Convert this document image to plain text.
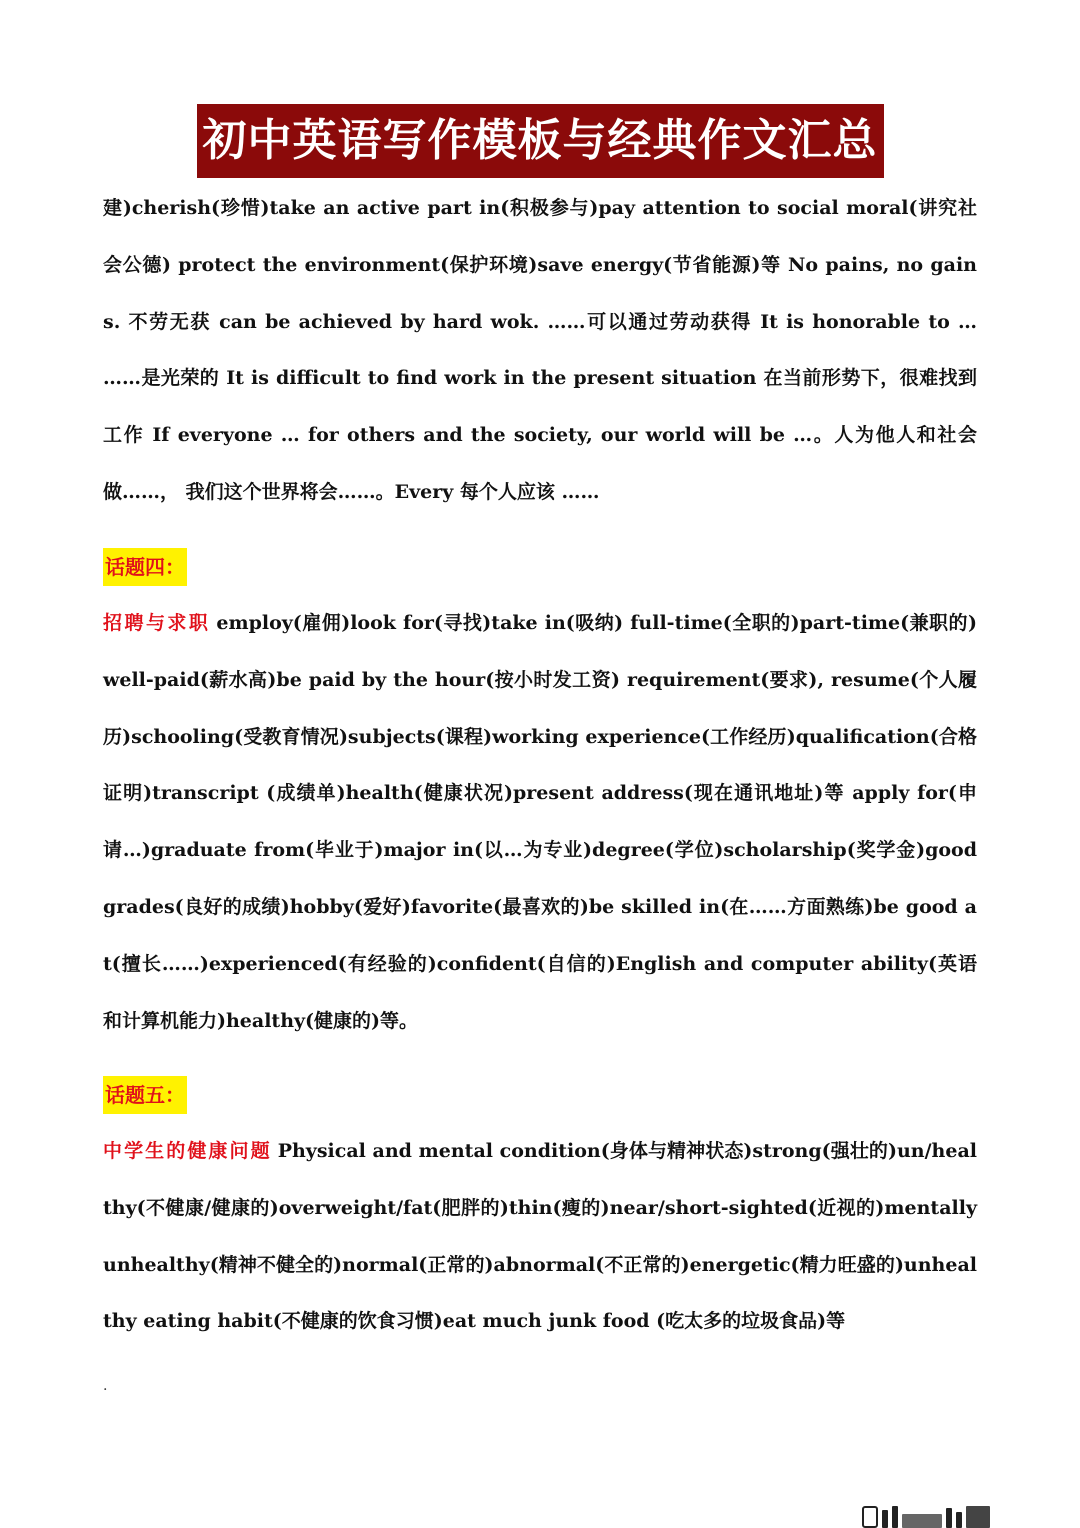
初中英语写作模板与经典作文汇总

建)cherish(珍惜)take an active part in(积极参与)pay attention to social moral(讲究社会公德) protect the environment(保护环境)save energy(节省能源)等 No pains, no gains. 不劳无获 can be achieved by hard wok. ……可以通过劳动获得 It is honorable to … ……是光荣的 It is difficult to find work in the present situation 在当前形势下，很难找到工作 If everyone … for others and the society, our world will be …。人为他人和社会做……， 我们这个世界将会……。Every 每个人应该 ……

话题四：

招聘与求职 employ(雇佣)look for(寻找)take in(吸纳) full-time(全职的)part-time(兼职的)well-paid(薪水高)be paid by the hour(按小时发工资) requirement(要求), resume(个人履历)schooling(受教育情况)subjects(课程)working experience(工作经历)qualification(合格证明)transcript (成绩单)health(健康状况)present address(现在通讯地址)等 apply for(申请…)graduate from(毕业于)major in(以…为专业)degree(学位)scholarship(奖学金)good grades(良好的成绩)hobby(爱好)favorite(最喜欢的)be skilled in(在……方面熟练)be good at(擅长……)experienced(有经验的)confident(自信的)English and computer ability(英语和计算机能力)healthy(健康的)等。

话题五：

中学生的健康问题 Physical and mental condition(身体与精神状态)strong(强壮的)un/healthy(不健康/健康的)overweight/fat(肥胖的)thin(瘦的)near/short-sighted(近视的)mentally unhealthy(精神不健全的)normal(正常的)abnormal(不正常的)energetic(精力旺盛的)unhealthy eating habit(不健康的饮食习惯)eat much junk food (吃太多的垃圾食品)等

.
